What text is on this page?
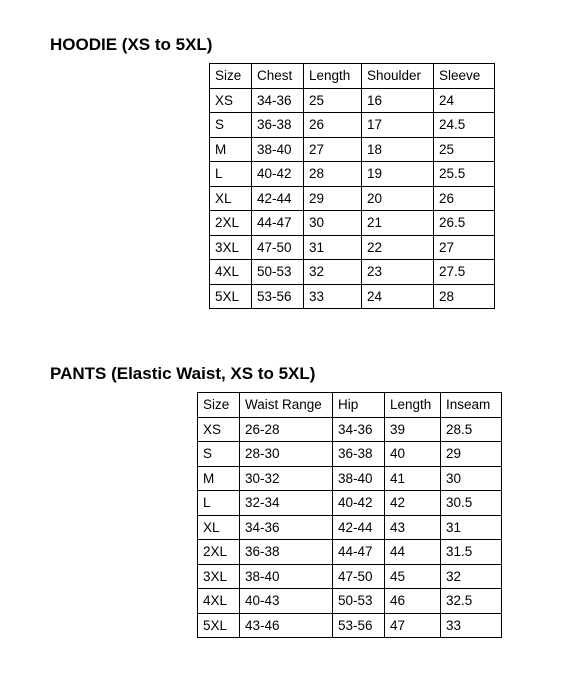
HOODIE (XS to 5XL)
Size	Chest	Length	Shoulder	Sleeve
XS	34-36	25	16	24
S	36-38	26	17	24.5
M	38-40	27	18	25
L	40-42	28	19	25.5
XL	42-44	29	20	26
2XL	44-47	30	21	26.5
3XL	47-50	31	22	27
4XL	50-53	32	23	27.5
5XL	53-56	33	24	28
PANTS (Elastic Waist, XS to 5XL)
Size	Waist Range	Hip	Length	Inseam
XS	26-28	34-36	39	28.5
S	28-30	36-38	40	29
M	30-32	38-40	41	30
L	32-34	40-42	42	30.5
XL	34-36	42-44	43	31
2XL	36-38	44-47	44	31.5
3XL	38-40	47-50	45	32
4XL	40-43	50-53	46	32.5
5XL	43-46	53-56	47	33
